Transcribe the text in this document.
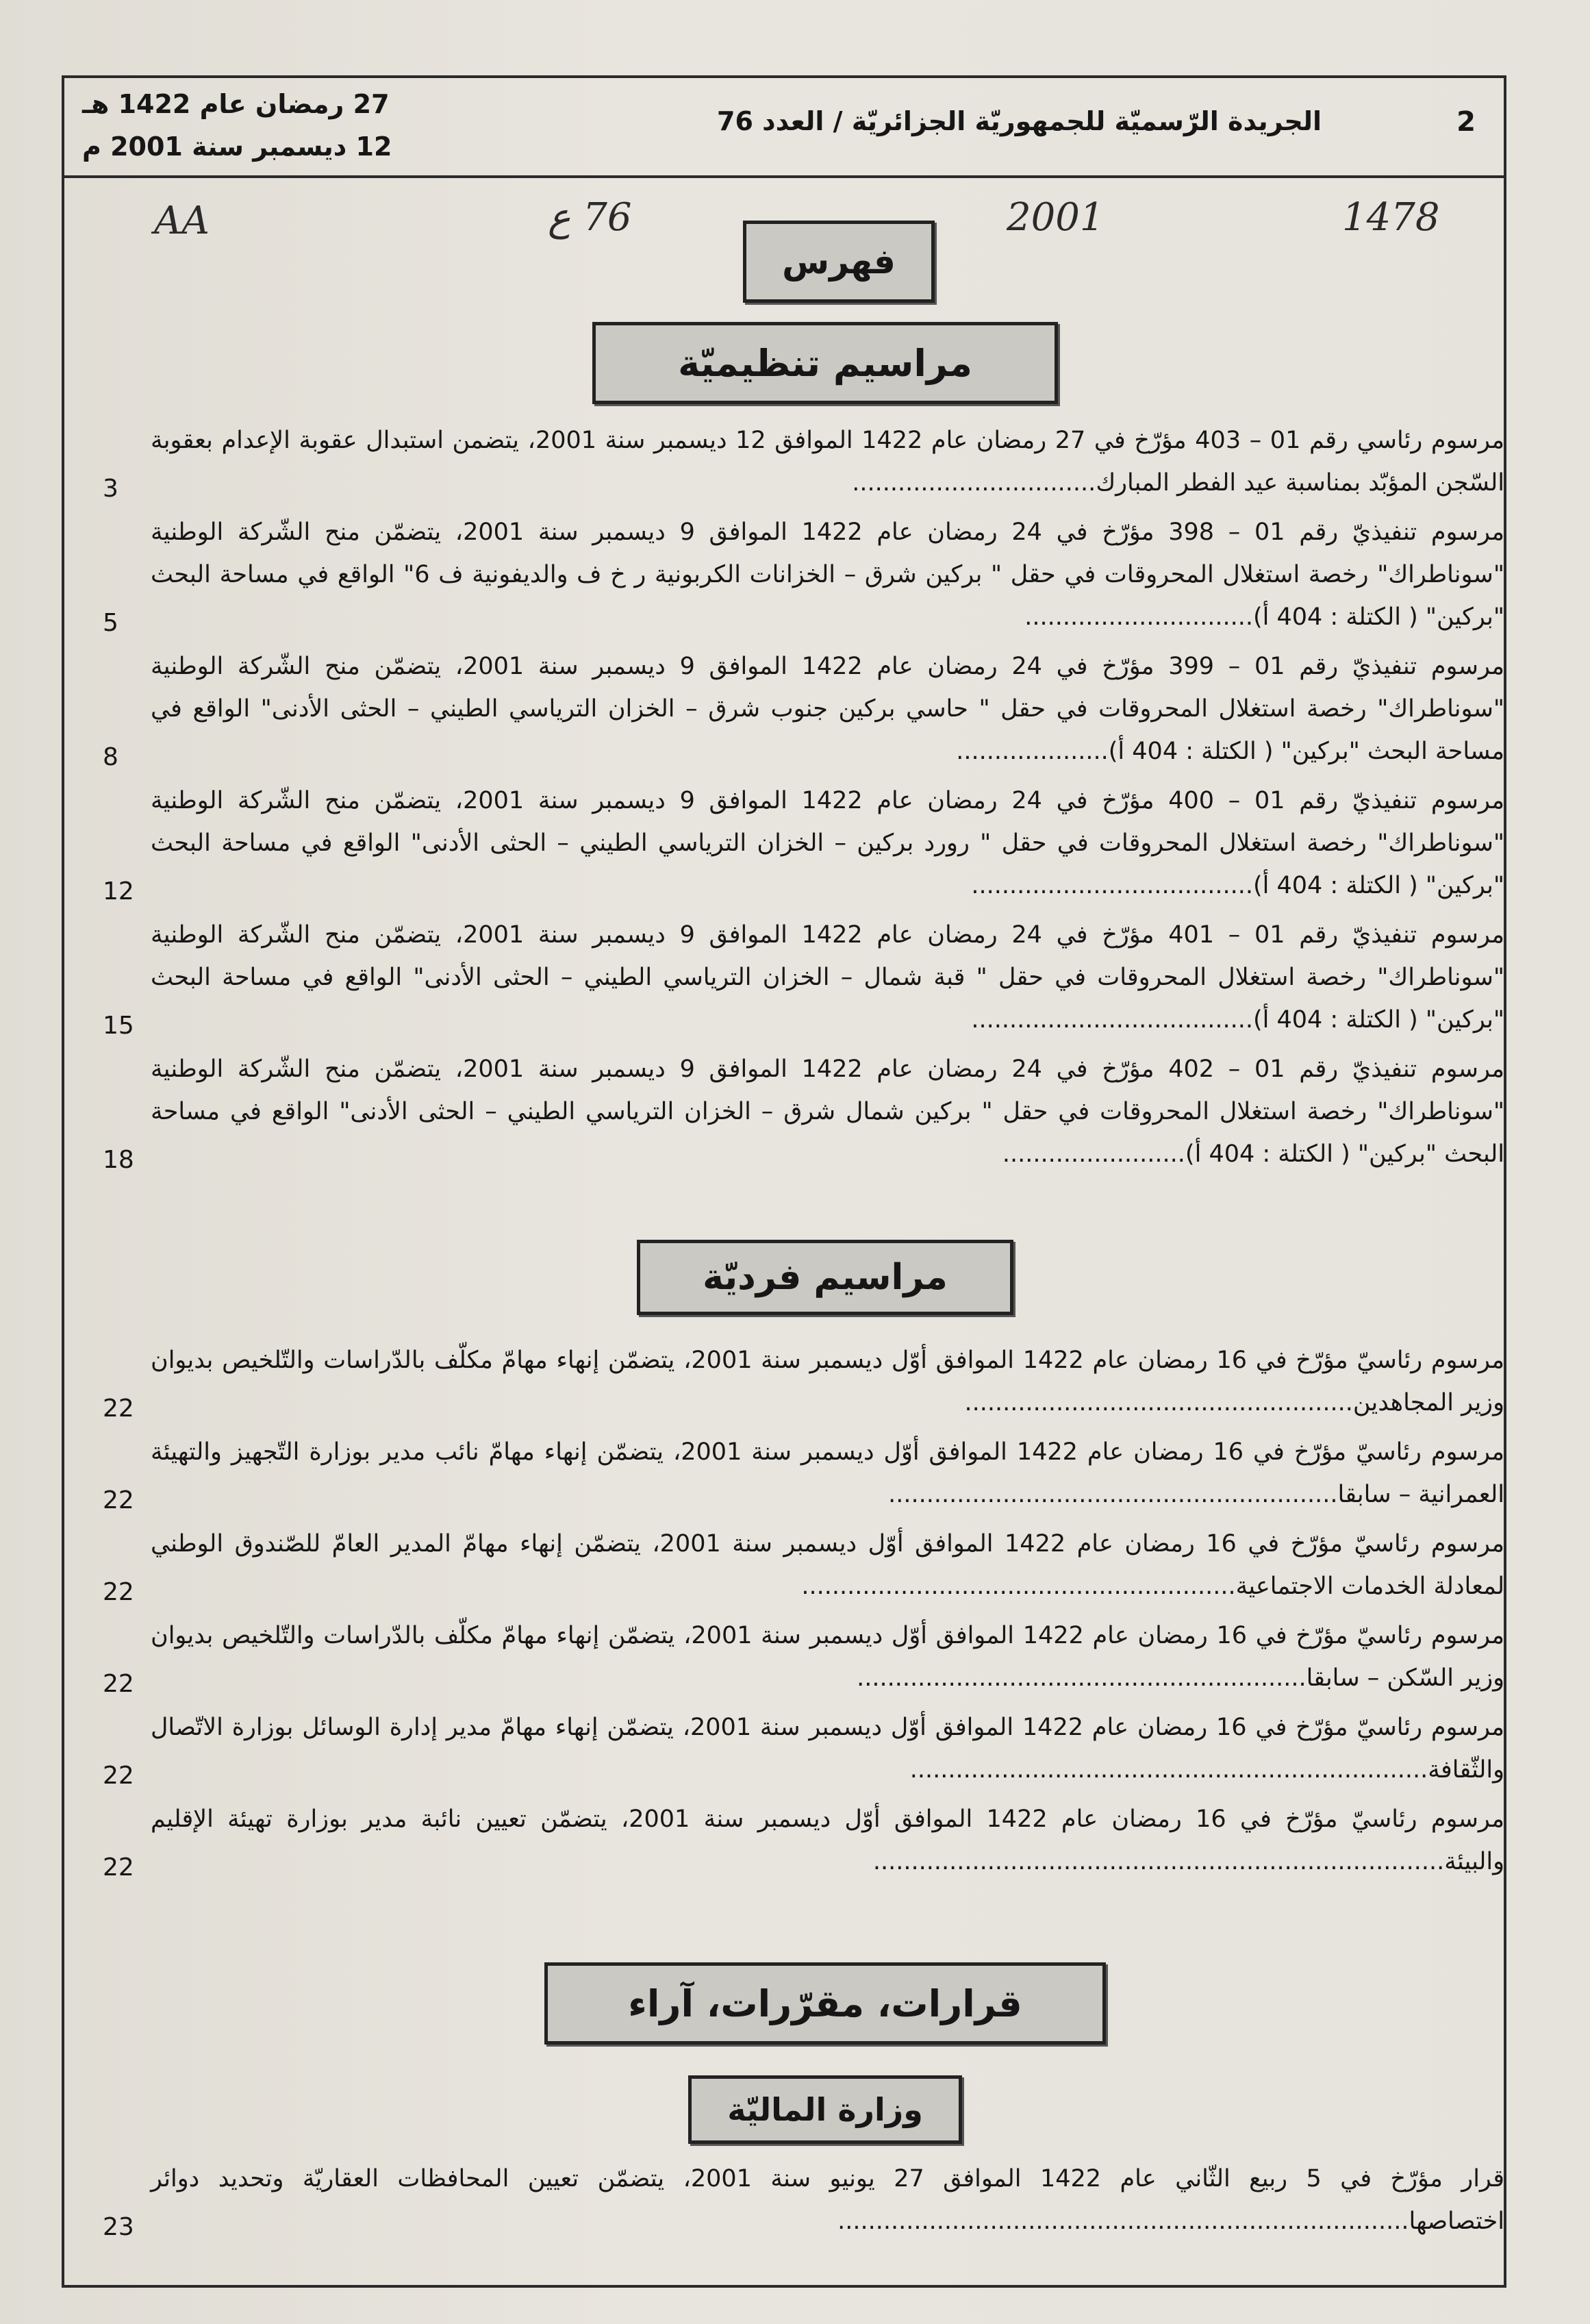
2
الجريدة الرّسميّة للجمهوريّة الجزائريّة / العدد 76
27 رمضان عام 1422 هـ
12 ديسمبر سنة 2001 م
AA	76 ع	2001	1478
فهرس
مراسيم تنظيميّة
مرسوم رئاسي رقم 01 – 403 مؤرّخ في 27 رمضان عام 1422 الموافق 12 ديسمبر سنة 2001، يتضمن استبدال عقوبة الإعدام بعقوبة السّجن المؤبّد بمناسبة عيد الفطر المبارك................................
3
مرسوم تنفيذيّ رقم 01 – 398 مؤرّخ في 24 رمضان عام 1422 الموافق 9 ديسمبر سنة 2001، يتضمّن منح الشّركة الوطنية "سوناطراك" رخصة استغلال المحروقات في حقل " بركين شرق – الخزانات الكربونية ر خ ف والديفونية ف 6" الواقع في مساحة البحث "بركين" ( الكتلة : 404 أ)..............................
5
مرسوم تنفيذيّ رقم 01 – 399 مؤرّخ في 24 رمضان عام 1422 الموافق 9 ديسمبر سنة 2001، يتضمّن منح الشّركة الوطنية "سوناطراك" رخصة استغلال المحروقات في حقل " حاسي بركين جنوب شرق – الخزان الترياسي الطيني – الحثى الأدنى" الواقع في مساحة البحث "بركين" ( الكتلة : 404 أ)....................
8
مرسوم تنفيذيّ رقم 01 – 400 مؤرّخ في 24 رمضان عام 1422 الموافق 9 ديسمبر سنة 2001، يتضمّن منح الشّركة الوطنية "سوناطراك" رخصة استغلال المحروقات في حقل " رورد بركين – الخزان الترياسي الطيني – الحثى الأدنى" الواقع في مساحة البحث "بركين" ( الكتلة : 404 أ).....................................
12
مرسوم تنفيذيّ رقم 01 – 401 مؤرّخ في 24 رمضان عام 1422 الموافق 9 ديسمبر سنة 2001، يتضمّن منح الشّركة الوطنية "سوناطراك" رخصة استغلال المحروقات في حقل " قبة شمال – الخزان الترياسي الطيني – الحثى الأدنى" الواقع في مساحة البحث "بركين" ( الكتلة : 404 أ).....................................
15
مرسوم تنفيذيّ رقم 01 – 402 مؤرّخ في 24 رمضان عام 1422 الموافق 9 ديسمبر سنة 2001، يتضمّن منح الشّركة الوطنية "سوناطراك" رخصة استغلال المحروقات في حقل " بركين شمال شرق – الخزان الترياسي الطيني – الحثى الأدنى" الواقع في مساحة البحث "بركين" ( الكتلة : 404 أ)........................
18
مراسيم فرديّة
مرسوم رئاسيّ مؤرّخ في 16 رمضان عام 1422 الموافق أوّل ديسمبر سنة 2001، يتضمّن إنهاء مهامّ مكلّف بالدّراسات والتّلخيص بديوان وزير المجاهدين...................................................
22
مرسوم رئاسيّ مؤرّخ في 16 رمضان عام 1422 الموافق أوّل ديسمبر سنة 2001، يتضمّن إنهاء مهامّ نائب مدير بوزارة التّجهيز والتهيئة العمرانية – سابقا...........................................................
22
مرسوم رئاسيّ مؤرّخ في 16 رمضان عام 1422 الموافق أوّل ديسمبر سنة 2001، يتضمّن إنهاء مهامّ المدير العامّ للصّندوق الوطني لمعادلة الخدمات الاجتماعية.........................................................
22
مرسوم رئاسيّ مؤرّخ في 16 رمضان عام 1422 الموافق أوّل ديسمبر سنة 2001، يتضمّن إنهاء مهامّ مكلّف بالدّراسات والتّلخيص بديوان وزير السّكن – سابقا...........................................................
22
مرسوم رئاسيّ مؤرّخ في 16 رمضان عام 1422 الموافق أوّل ديسمبر سنة 2001، يتضمّن إنهاء مهامّ مدير إدارة الوسائل بوزارة الاتّصال والثّقافة....................................................................
22
مرسوم رئاسيّ مؤرّخ في 16 رمضان عام 1422 الموافق أوّل ديسمبر سنة 2001، يتضمّن تعيين نائبة مدير بوزارة تهيئة الإقليم والبيئة...........................................................................
22
قرارات، مقرّرات، آراء
وزارة الماليّة
قرار مؤرّخ في 5 ربيع الثّاني عام 1422 الموافق 27 يونيو سنة 2001، يتضمّن تعيين المحافظات العقاريّة وتحديد دوائر اختصاصها...........................................................................
23
